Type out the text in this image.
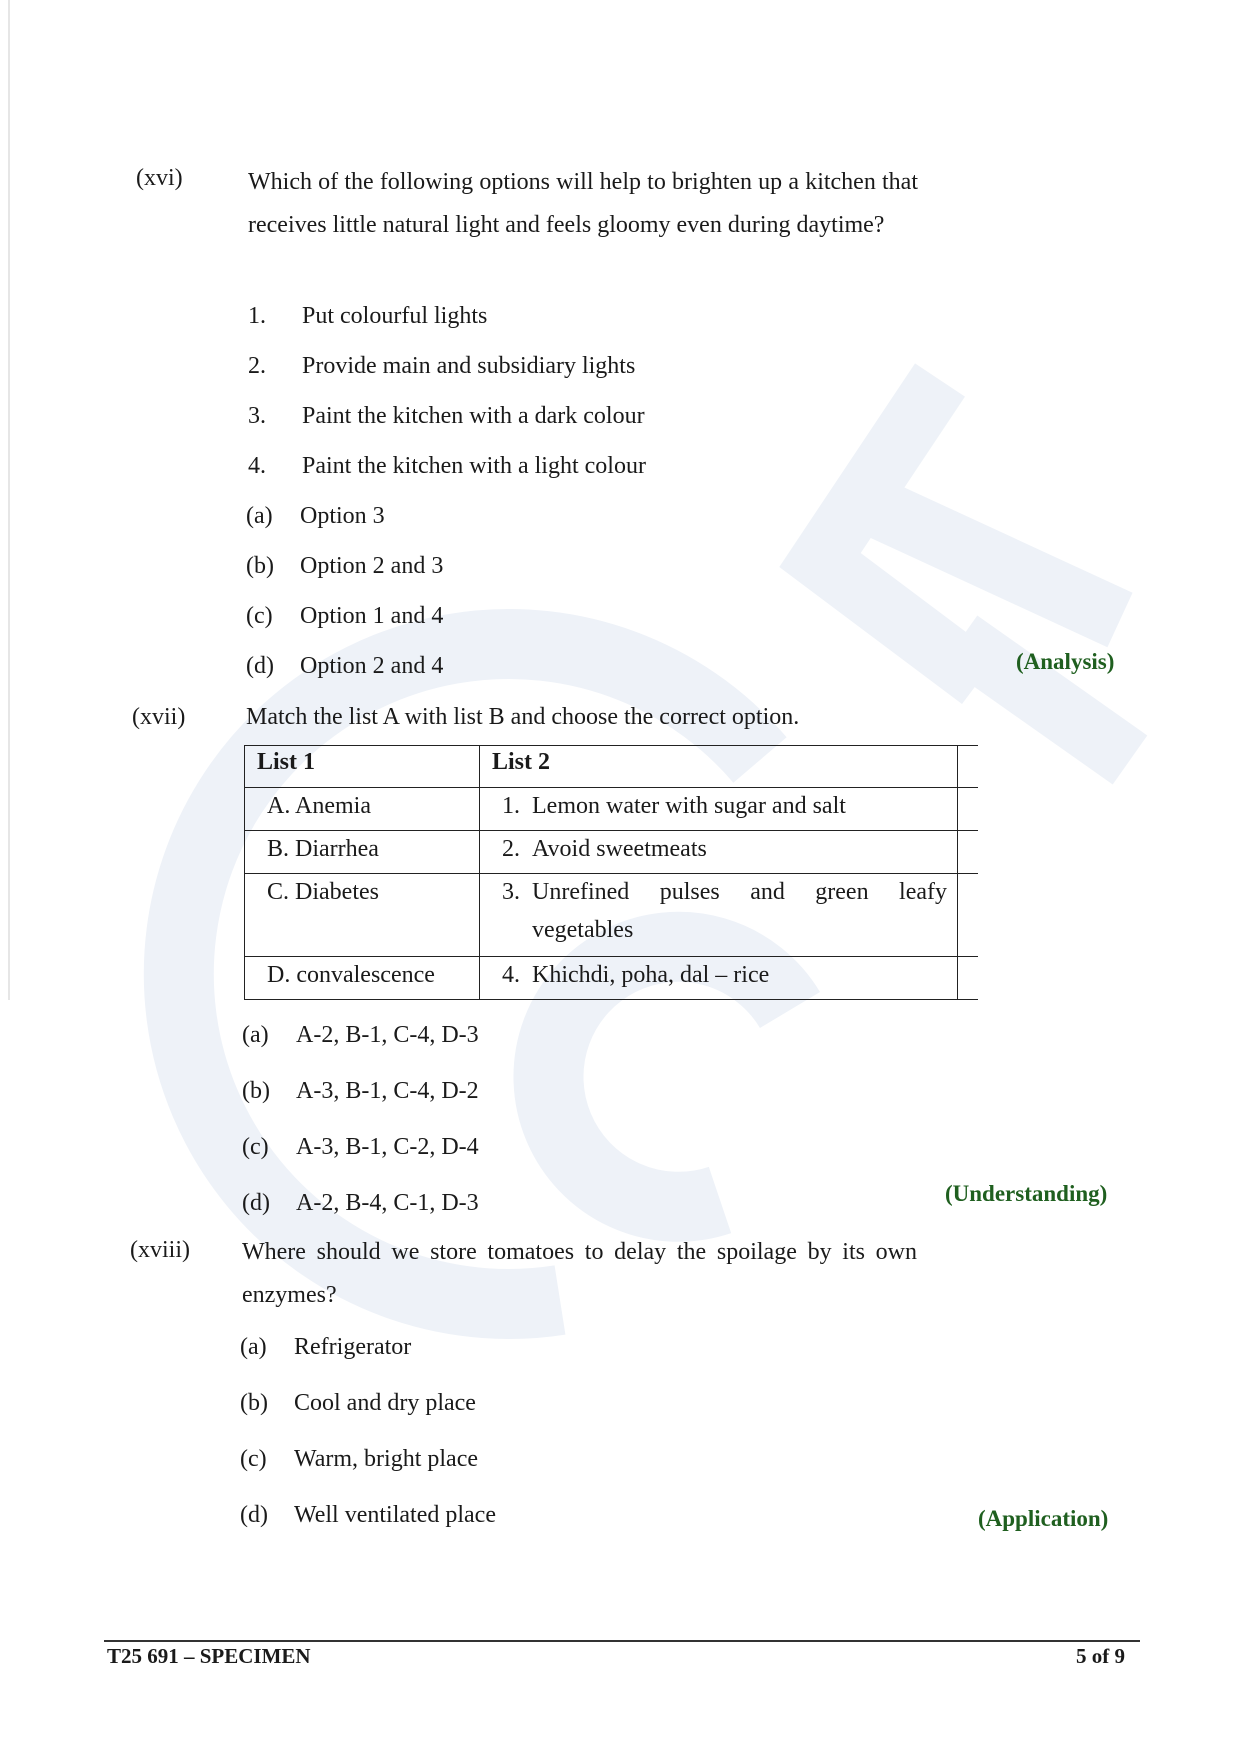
(xvi)	Which of the following options will help to brighten up a kitchen that receives little natural light and feels gloomy even during daytime?
1.	Put colourful lights
2.	Provide main and subsidiary lights
3.	Paint the kitchen with a dark colour
4.	Paint the kitchen with a light colour
(a)	Option 3
(b)	Option 2 and 3
(c)	Option 1 and 4
(d)	Option 2 and 4	(Analysis)
(xvii)	Match the list A with list B and choose the correct option.
List 1	List 2	
A. Anemia	1. Lemon water with sugar and salt	

B. Diarrhea	2. Avoid sweetmeats	

C. Diabetes	3. Unrefined pulses and green leafy
vegetables	

D. convalescence	4. Khichdi, poha, dal – rice	

(a)	A-2, B-1, C-4, D-3
(b)	A-3, B-1, C-4, D-2
(c)	A-3, B-1, C-2, D-4
(d)	A-2, B-4, C-1, D-3	(Understanding)
(xviii) Where should we store tomatoes to delay the spoilage by its own enzymes?
(a)	Refrigerator
(b)	Cool and dry place
(c)	Warm, bright place
(d)	Well ventilated place	(Application)
T25 691 – SPECIMEN	5 of 9
